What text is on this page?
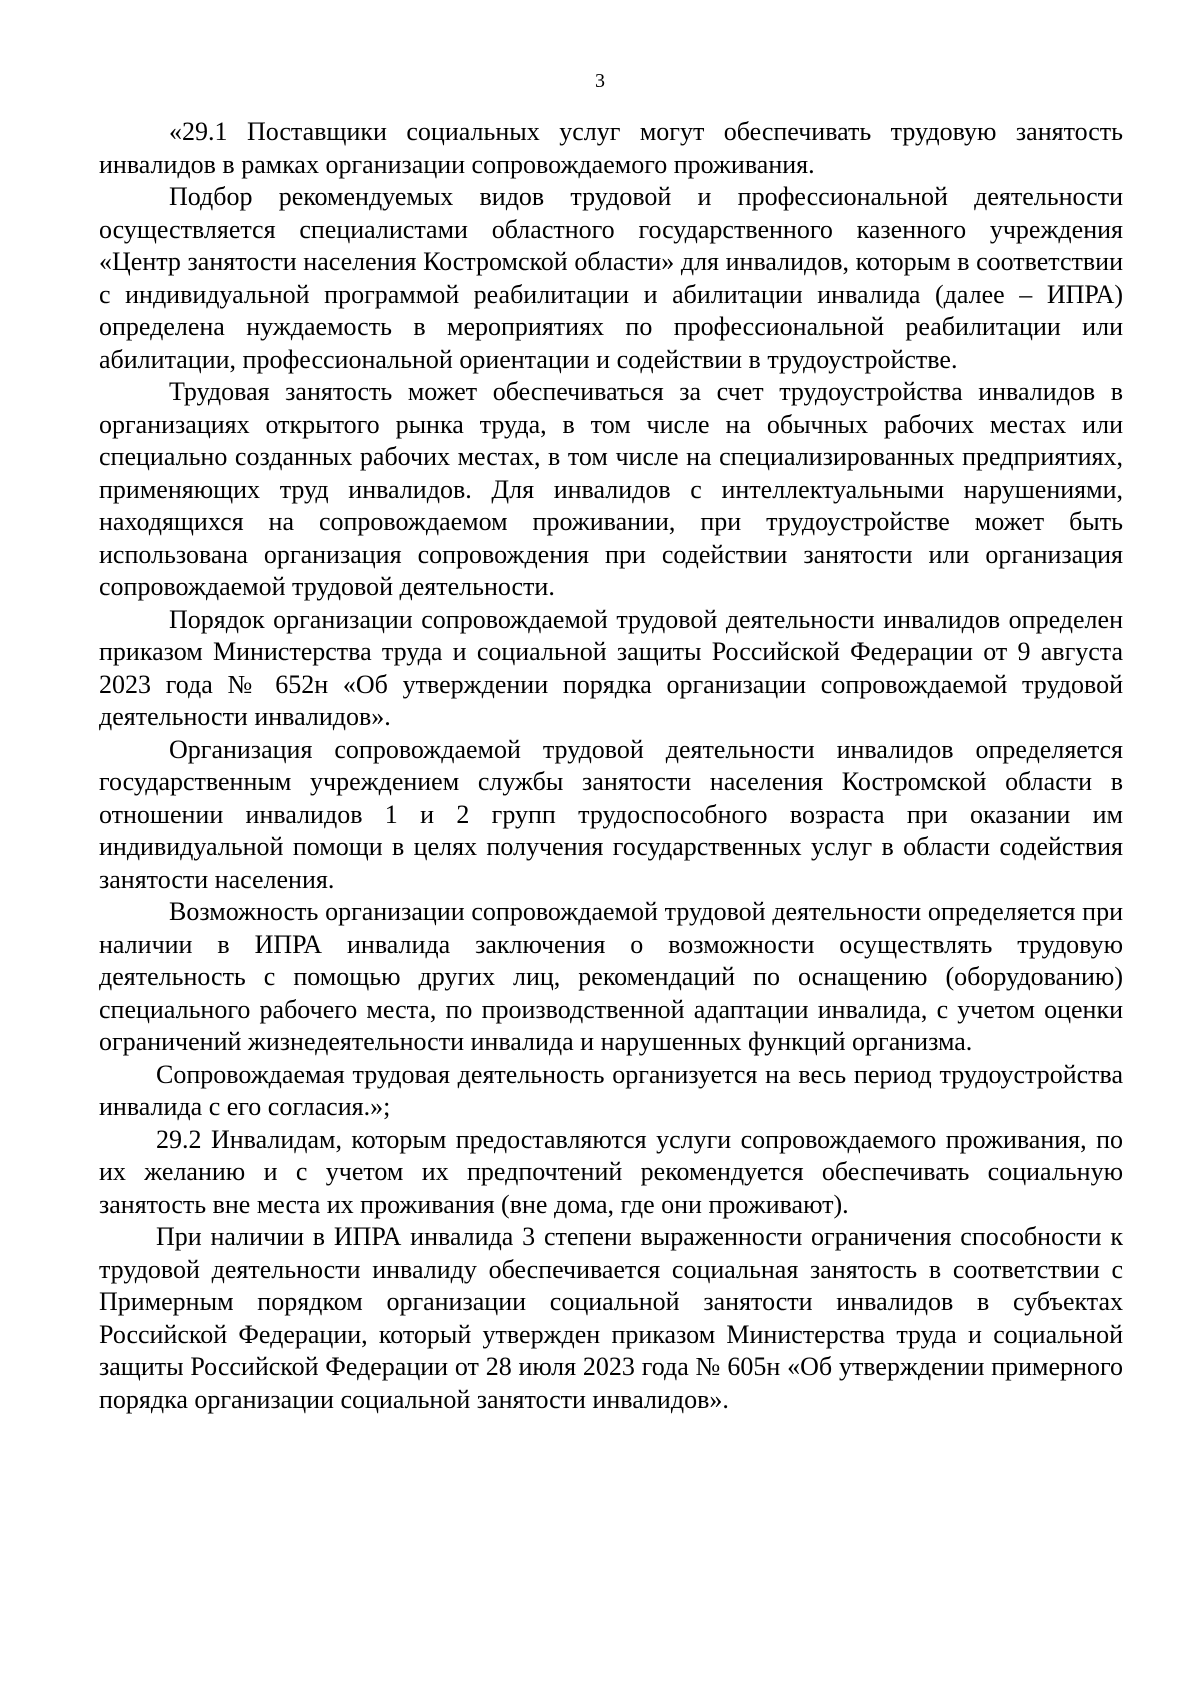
3

«29.1 Поставщики социальных услуг могут обеспечивать трудовую занятость инвалидов в рамках организации сопровождаемого проживания.

Подбор рекомендуемых видов трудовой и профессиональной деятельности осуществляется специалистами областного государственного казенного учреждения «Центр занятости населения Костромской области» для инвалидов, которым в соответствии с индивидуальной программой реабилитации и абилитации инвалида (далее – ИПРА) определена нуждаемость в мероприятиях по профессиональной реабилитации или абилитации, профессиональной ориентации и содействии в трудоустройстве.

Трудовая занятость может обеспечиваться за счет трудоустройства инвалидов в организациях открытого рынка труда, в том числе на обычных рабочих местах или специально созданных рабочих местах, в том числе на специализированных предприятиях, применяющих труд инвалидов. Для инвалидов с интеллектуальными нарушениями, находящихся на сопровождаемом проживании, при трудоустройстве может быть использована организация сопровождения при содействии занятости или организация сопровождаемой трудовой деятельности.

Порядок организации сопровождаемой трудовой деятельности инвалидов определен приказом Министерства труда и социальной защиты Российской Федерации от 9 августа 2023 года № 652н «Об утверждении порядка организации сопровождаемой трудовой деятельности инвалидов».

Организация сопровождаемой трудовой деятельности инвалидов определяется государственным учреждением службы занятости населения Костромской области в отношении инвалидов 1 и 2 групп трудоспособного возраста при оказании им индивидуальной помощи в целях получения государственных услуг в области содействия занятости населения.

Возможность организации сопровождаемой трудовой деятельности определяется при наличии в ИПРА инвалида заключения о возможности осуществлять трудовую деятельность с помощью других лиц, рекомендаций по оснащению (оборудованию) специального рабочего места, по производственной адаптации инвалида, с учетом оценки ограничений жизнедеятельности инвалида и нарушенных функций организма.

Сопровождаемая трудовая деятельность организуется на весь период трудоустройства инвалида с его согласия.»;

29.2 Инвалидам, которым предоставляются услуги сопровождаемого проживания, по их желанию и с учетом их предпочтений рекомендуется обеспечивать социальную занятость вне места их проживания (вне дома, где они проживают).

При наличии в ИПРА инвалида 3 степени выраженности ограничения способности к трудовой деятельности инвалиду обеспечивается социальная занятость в соответствии с Примерным порядком организации социальной занятости инвалидов в субъектах Российской Федерации, который утвержден приказом Министерства труда и социальной защиты Российской Федерации от 28 июля 2023 года № 605н «Об утверждении примерного порядка организации социальной занятости инвалидов».
